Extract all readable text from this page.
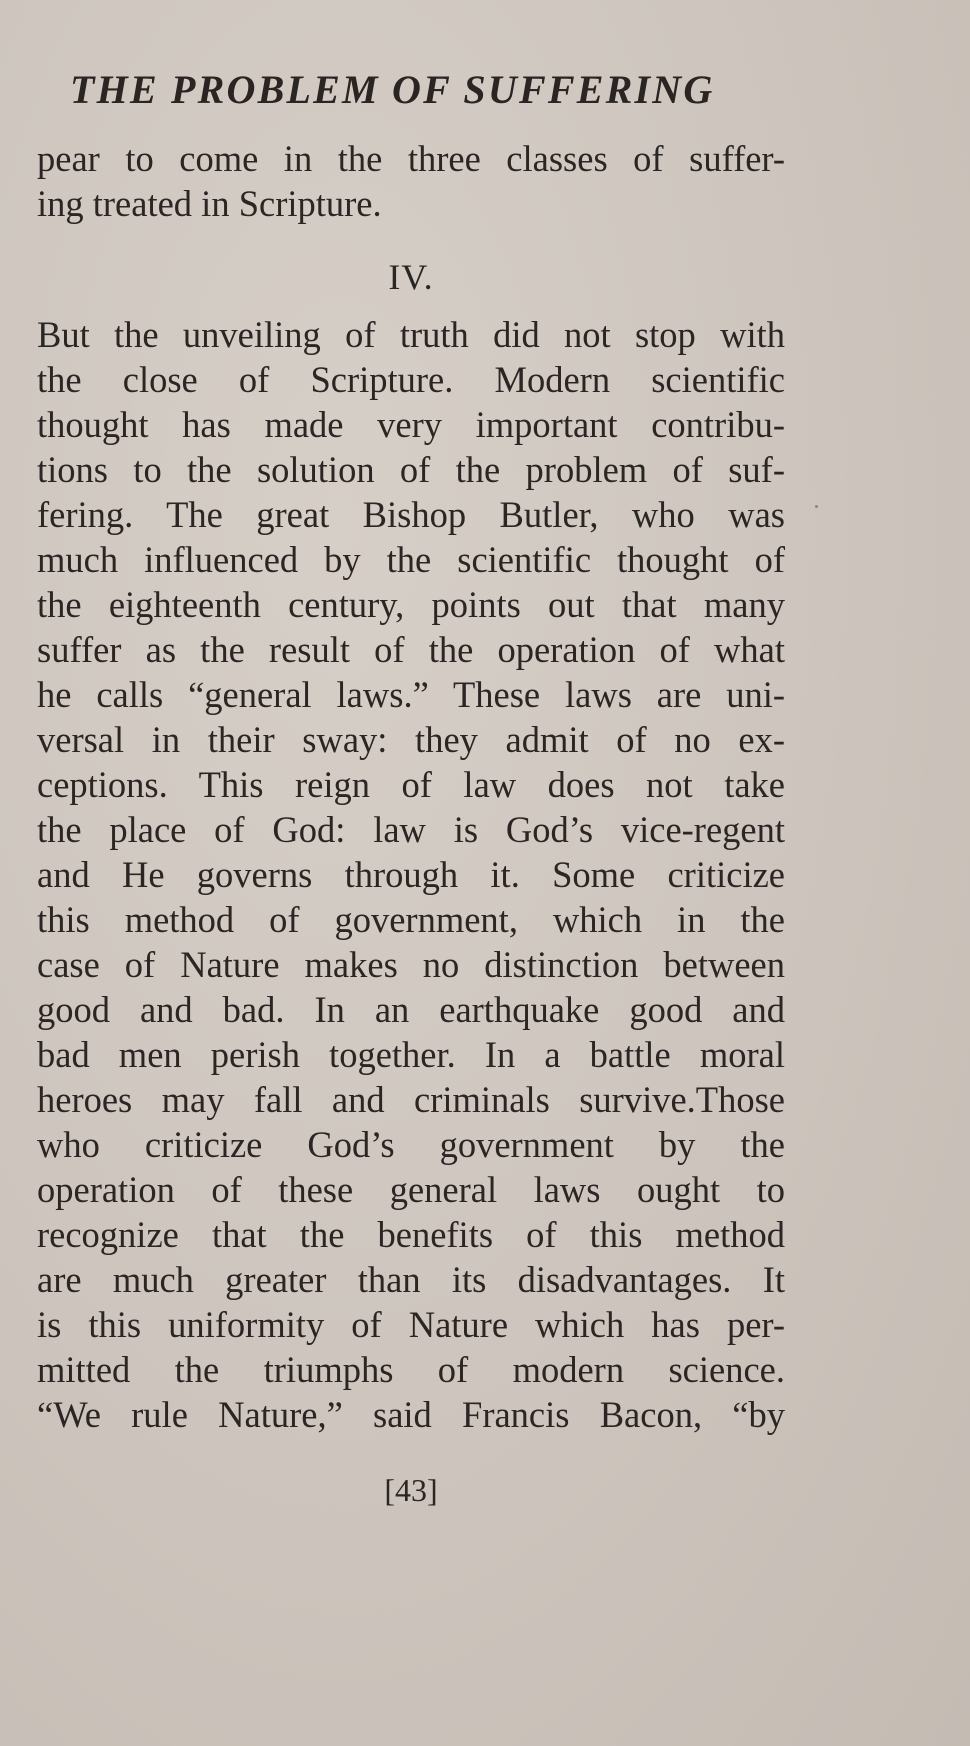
THE PROBLEM OF SUFFERING
pear to come in the three classes of suffer-
ing treated in Scripture.
IV.
But the unveiling of truth did not stop with
the close of Scripture. Modern scientific
thought has made very important contribu-
tions to the solution of the problem of suf-
fering. The great Bishop Butler, who was
much influenced by the scientific thought of
the eighteenth century, points out that many
suffer as the result of the operation of what
he calls “general laws.” These laws are uni-
versal in their sway: they admit of no ex-
ceptions. This reign of law does not take
the place of God: law is God’s vice-regent
and He governs through it. Some criticize
this method of government, which in the
case of Nature makes no distinction between
good and bad. In an earthquake good and
bad men perish together. In a battle moral
heroes may fall and criminals survive.Those
who criticize God’s government by the
operation of these general laws ought to
recognize that the benefits of this method
are much greater than its disadvantages. It
is this uniformity of Nature which has per-
mitted the triumphs of modern science.
“We rule Nature,” said Francis Bacon, “by
[43]
